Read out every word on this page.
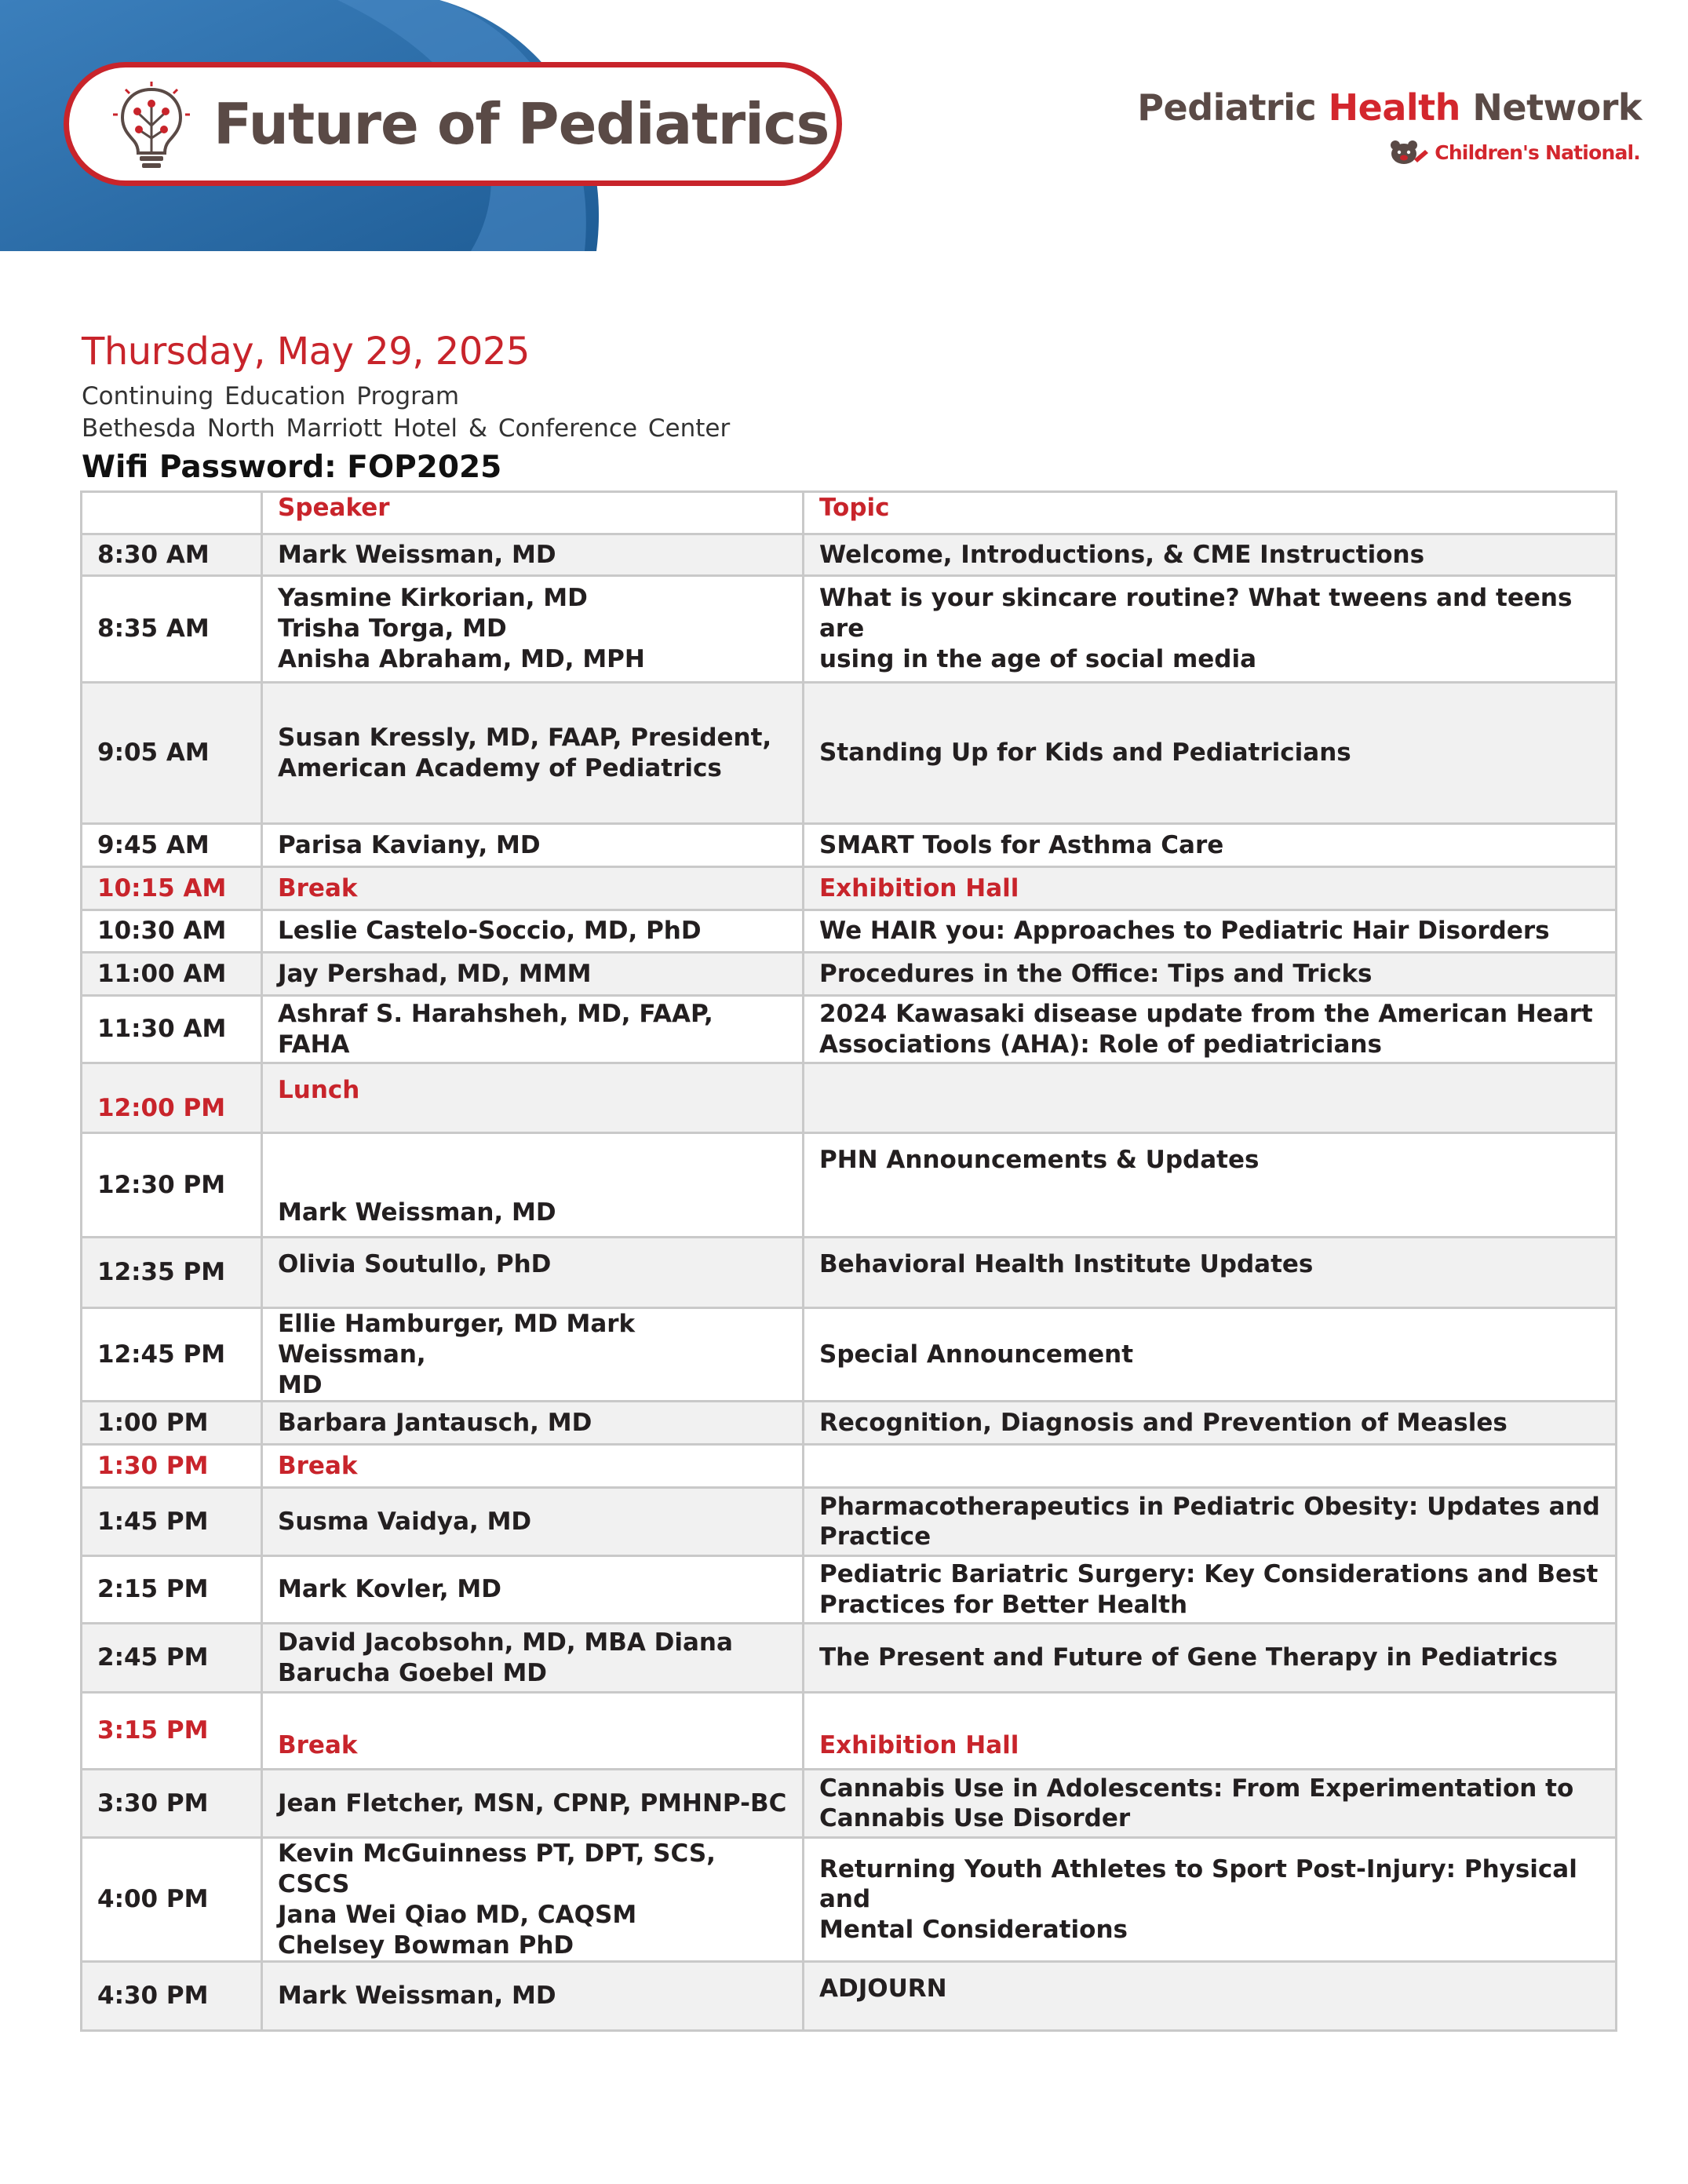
Future of Pediatrics	Pediatric Health Network
Children's National.
Thursday, May 29, 2025
Continuing Education Program
Bethesda North Marriott Hotel & Conference Center
Wifi Password: FOP2025
	Speaker	Topic
8:30 AM	Mark Weissman, MD	Welcome, Introductions, & CME Instructions

8:35 AM	Yasmine Kirkorian, MD
Trisha Torga, MD
Anisha Abraham, MD, MPH	What is your skincare routine? What tweens and teens are
using in the age of social media

9:05 AM	Susan Kressly, MD, FAAP, President,
American Academy of Pediatrics	Standing Up for Kids and Pediatricians

9:45 AM	Parisa Kaviany, MD	SMART Tools for Asthma Care

10:15 AM	Break	Exhibition Hall

10:30 AM	Leslie Castelo-Soccio, MD, PhD	We HAIR you: Approaches to Pediatric Hair Disorders

11:00 AM	Jay Pershad, MD, MMM	Procedures in the Office: Tips and Tricks

11:30 AM	Ashraf S. Harahsheh, MD, FAAP, FAHA	2024 Kawasaki disease update from the American Heart
Associations (AHA): Role of pediatricians

12:00 PM	Lunch	

12:30 PM	Mark Weissman, MD	PHN Announcements & Updates

12:35 PM	Olivia Soutullo, PhD	Behavioral Health Institute Updates

12:45 PM	Ellie Hamburger, MD Mark Weissman,
MD	Special Announcement

1:00 PM	Barbara Jantausch, MD	Recognition, Diagnosis and Prevention of Measles

1:30 PM	Break	

1:45 PM	Susma Vaidya, MD	Pharmacotherapeutics in Pediatric Obesity: Updates and
Practice

2:15 PM	Mark Kovler, MD	Pediatric Bariatric Surgery: Key Considerations and Best
Practices for Better Health

2:45 PM	David Jacobsohn, MD, MBA Diana
Barucha Goebel MD	The Present and Future of Gene Therapy in Pediatrics

3:15 PM	Break	Exhibition Hall

3:30 PM	Jean Fletcher, MSN, CPNP, PMHNP-BC	Cannabis Use in Adolescents: From Experimentation to
Cannabis Use Disorder

4:00 PM	Kevin McGuinness PT, DPT, SCS, CSCS
Jana Wei Qiao MD, CAQSM
Chelsey Bowman PhD	Returning Youth Athletes to Sport Post-Injury: Physical and
Mental Considerations

4:30 PM	Mark Weissman, MD	ADJOURN
